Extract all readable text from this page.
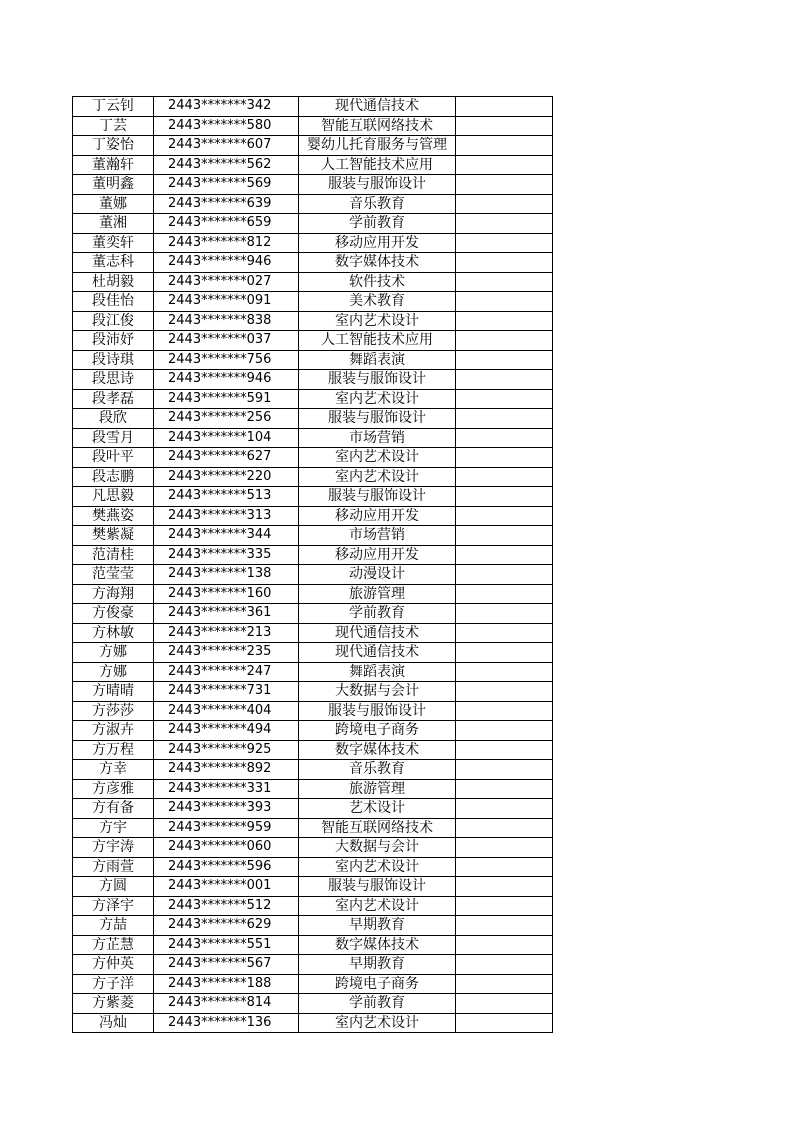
丁云钊	2443*******342	现代通信技术	
丁芸	2443*******580	智能互联网络技术	
丁姿怡	2443*******607	婴幼儿托育服务与管理	
董瀚轩	2443*******562	人工智能技术应用	
董明鑫	2443*******569	服装与服饰设计	
董娜	2443*******639	音乐教育	
董湘	2443*******659	学前教育	
董奕轩	2443*******812	移动应用开发	
董志科	2443*******946	数字媒体技术	
杜胡毅	2443*******027	软件技术	
段佳怡	2443*******091	美术教育	
段江俊	2443*******838	室内艺术设计	
段沛妤	2443*******037	人工智能技术应用	
段诗琪	2443*******756	舞蹈表演	
段思诗	2443*******946	服装与服饰设计	
段孝磊	2443*******591	室内艺术设计	
段欣	2443*******256	服装与服饰设计	
段雪月	2443*******104	市场营销	
段叶平	2443*******627	室内艺术设计	
段志鹏	2443*******220	室内艺术设计	
凡思毅	2443*******513	服装与服饰设计	
樊燕姿	2443*******313	移动应用开发	
樊紫凝	2443*******344	市场营销	
范清桂	2443*******335	移动应用开发	
范莹莹	2443*******138	动漫设计	
方海翔	2443*******160	旅游管理	
方俊豪	2443*******361	学前教育	
方林敏	2443*******213	现代通信技术	
方娜	2443*******235	现代通信技术	
方娜	2443*******247	舞蹈表演	
方晴晴	2443*******731	大数据与会计	
方莎莎	2443*******404	服装与服饰设计	
方淑卉	2443*******494	跨境电子商务	
方万程	2443*******925	数字媒体技术	
方幸	2443*******892	音乐教育	
方彦雅	2443*******331	旅游管理	
方有备	2443*******393	艺术设计	
方宇	2443*******959	智能互联网络技术	
方宇涛	2443*******060	大数据与会计	
方雨萱	2443*******596	室内艺术设计	
方圆	2443*******001	服装与服饰设计	
方泽宇	2443*******512	室内艺术设计	
方喆	2443*******629	早期教育	
方芷慧	2443*******551	数字媒体技术	
方仲英	2443*******567	早期教育	
方子洋	2443*******188	跨境电子商务	
方紫菱	2443*******814	学前教育	
冯灿	2443*******136	室内艺术设计	
